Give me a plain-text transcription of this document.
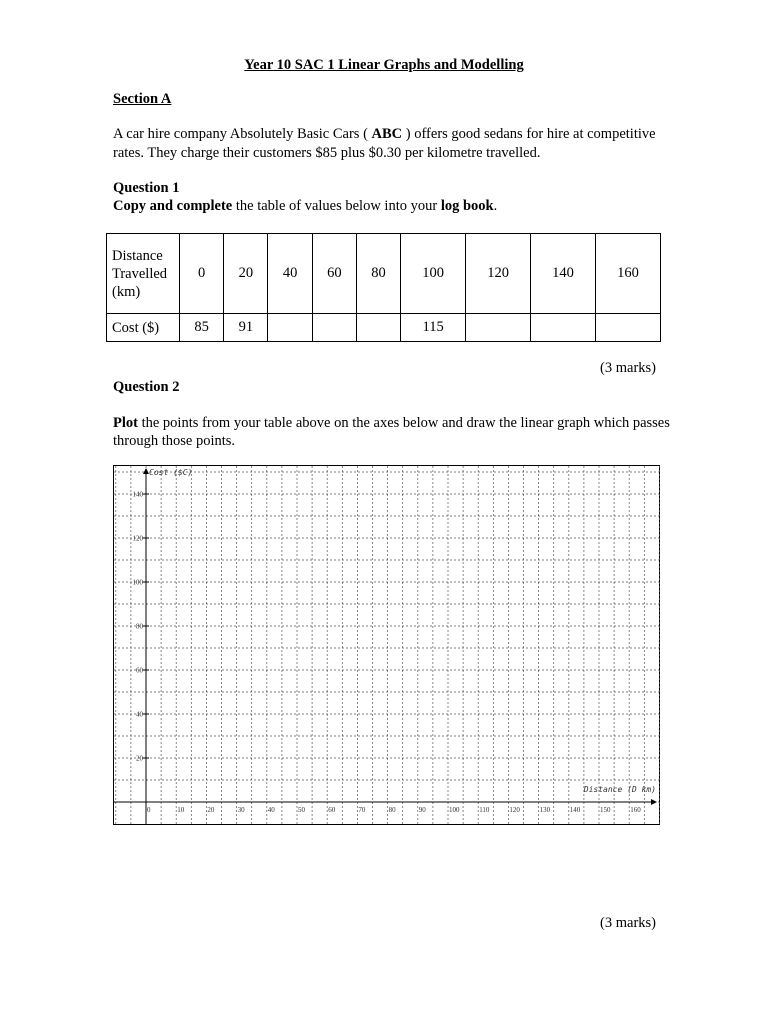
Year 10 SAC 1 Linear Graphs and Modelling
Section A
A car hire company Absolutely Basic Cars ( ABC ) offers good sedans for hire at competitive rates. They charge their customers $85 plus $0.30 per kilometre travelled.
Question 1
Copy and complete the table of values below into your log book.
Distance Travelled (km)	0	20	40	60	80	100	120	140	160
Cost ($)	85	91				115			
(3 marks)
Question 2
Plot the points from your table above on the axes below and draw the linear graph which passes through those points.
0	10	20	30	40	50	60	70	80	90	100	110	120	130	140	150	160
20
40
60
80
100
120
140
Cost ($C)
Distance (D km)
(3 marks)
